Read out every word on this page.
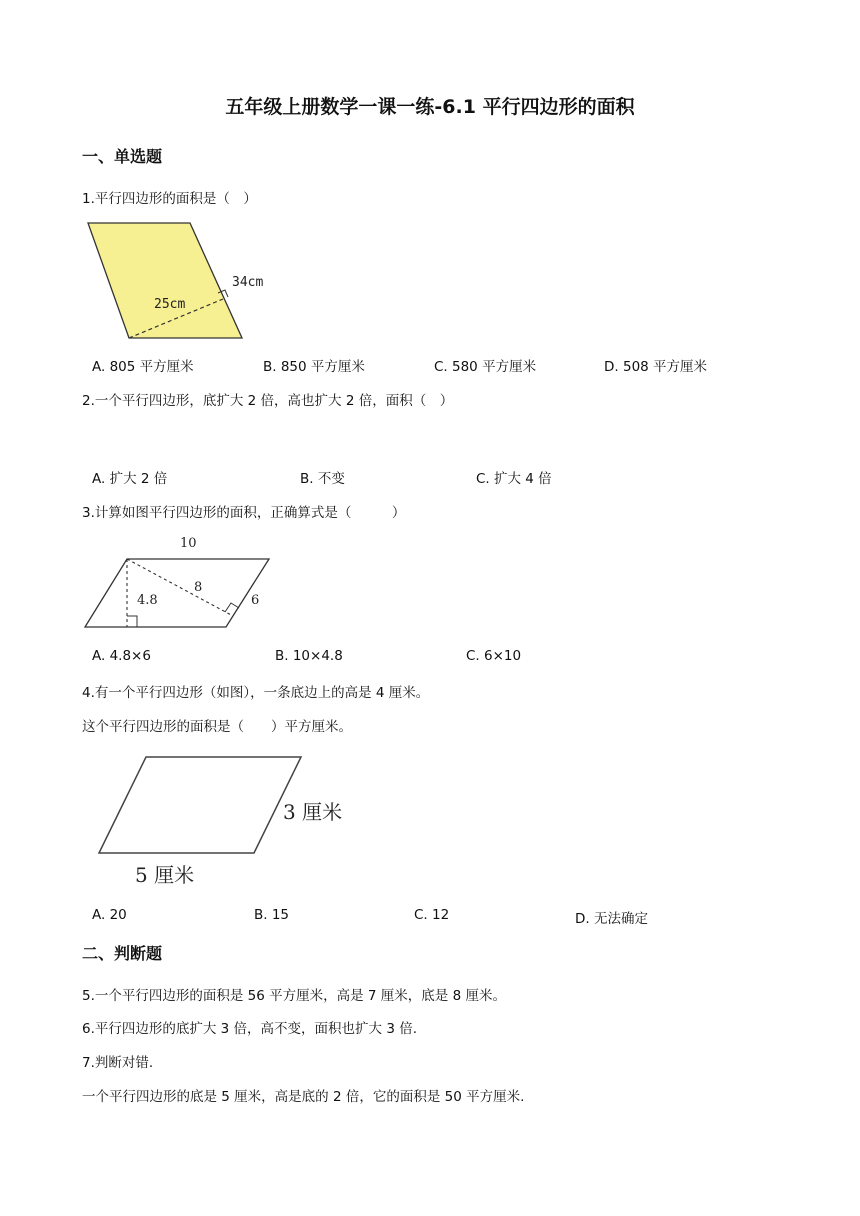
五年级上册数学一课一练-6.1 平行四边形的面积
一、单选题
1.平行四边形的面积是（　）
34cm
25cm
A. 805 平方厘米	B. 850 平方厘米	C. 580 平方厘米	D. 508 平方厘米
2.一个平行四边形，底扩大 2 倍，高也扩大 2 倍，面积（　）
A. 扩大 2 倍	B. 不变	C. 扩大 4 倍
3.计算如图平行四边形的面积，正确算式是（　　　）
10
8
4.8	6
A. 4.8×6	B. 10×4.8	C. 6×10
4.有一个平行四边形（如图），一条底边上的高是 4 厘米。
这个平行四边形的面积是（　　）平方厘米。
3 厘米
5 厘米
A. 20	B. 15	C. 12	D. 无法确定
二、判断题
5.一个平行四边形的面积是 56 平方厘米，高是 7 厘米，底是 8 厘米。
6.平行四边形的底扩大 3 倍，高不变，面积也扩大 3 倍.
7.判断对错.
一个平行四边形的底是 5 厘米，高是底的 2 倍，它的面积是 50 平方厘米.
